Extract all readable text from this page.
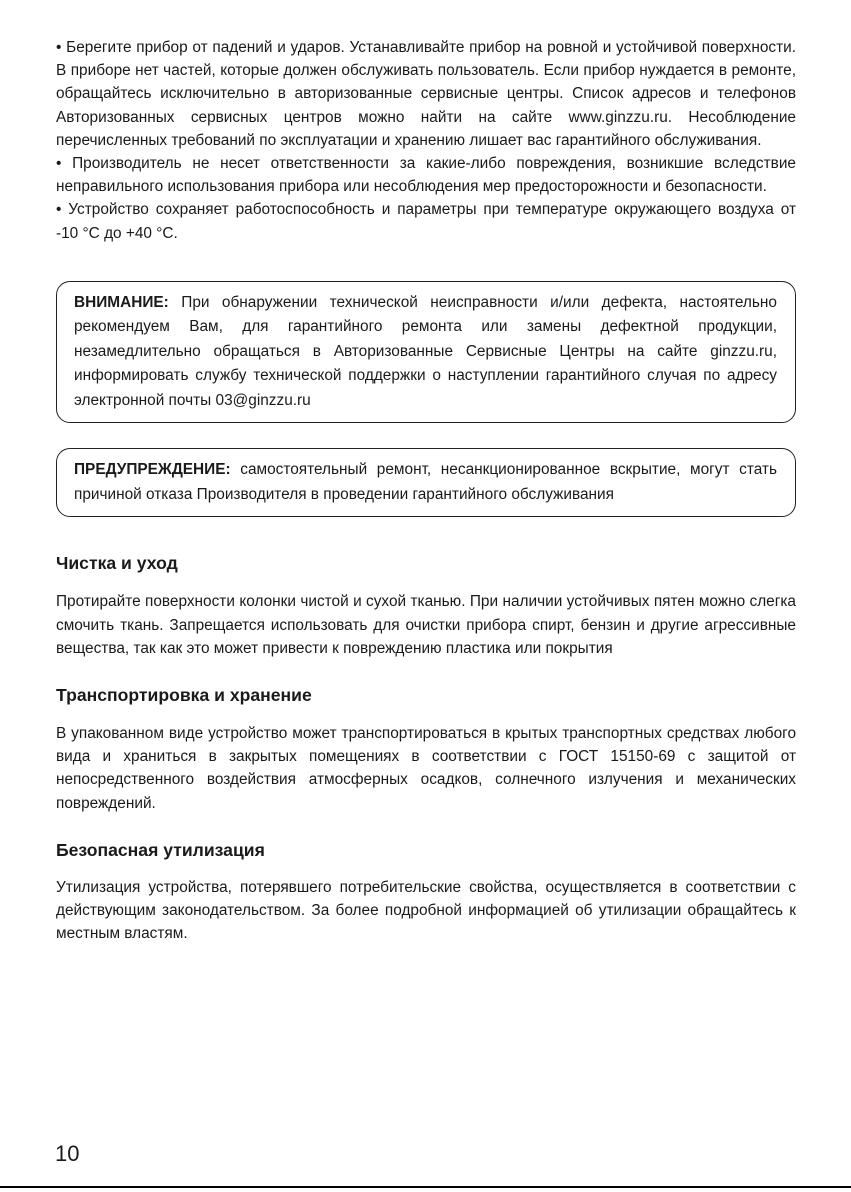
• Берегите прибор от падений и ударов. Устанавливайте прибор на ровной и устойчивой поверхности. В приборе нет частей, которые должен обслуживать пользователь. Если прибор нуждается в ремонте, обращайтесь исключительно в авторизованные сервисные центры. Список адресов и телефонов Авторизованных сервисных центров можно найти на сайте www.ginzzu.ru. Несоблюдение перечисленных требований по эксплуатации и хранению лишает вас гарантийного обслуживания.

• Производитель не несет ответственности за какие-либо повреждения, возникшие вследствие неправильного использования прибора или несоблюдения мер предосторожности и безопасности.

• Устройство сохраняет работоспособность и параметры при температуре окружающего воздуха от -10 °С до +40 °С.

ВНИМАНИЕ: При обнаружении технической неисправности и/или дефекта, настоятельно рекомендуем Вам, для гарантийного ремонта или замены дефектной продукции, незамедлительно обращаться в Авторизованные Сервисные Центры на сайте ginzzu.ru, информировать службу технической поддержки о наступлении гарантийного случая по адресу электронной почты 03@ginzzu.ru

ПРЕДУПРЕЖДЕНИЕ: самостоятельный ремонт, несанкционированное вскрытие, могут стать причиной отказа Производителя в проведении гарантийного обслуживания

Чистка и уход

Протирайте поверхности колонки чистой и сухой тканью. При наличии устойчивых пятен можно слегка смочить ткань. Запрещается использовать для очистки прибора спирт, бензин и другие агрессивные вещества, так как это может привести к повреждению пластика или покрытия

Транспортировка и хранение

В упакованном виде устройство может транспортироваться в крытых транспортных средствах любого вида и храниться в закрытых помещениях в соответствии с ГОСТ 15150-69 с защитой от непосредственного воздействия атмосферных осадков, солнечного излучения и механических повреждений.

Безопасная утилизация

Утилизация устройства, потерявшего потребительские свойства, осуществляется в соответствии с действующим законодательством. За более подробной информацией об утилизации обращайтесь к местным властям.

10
